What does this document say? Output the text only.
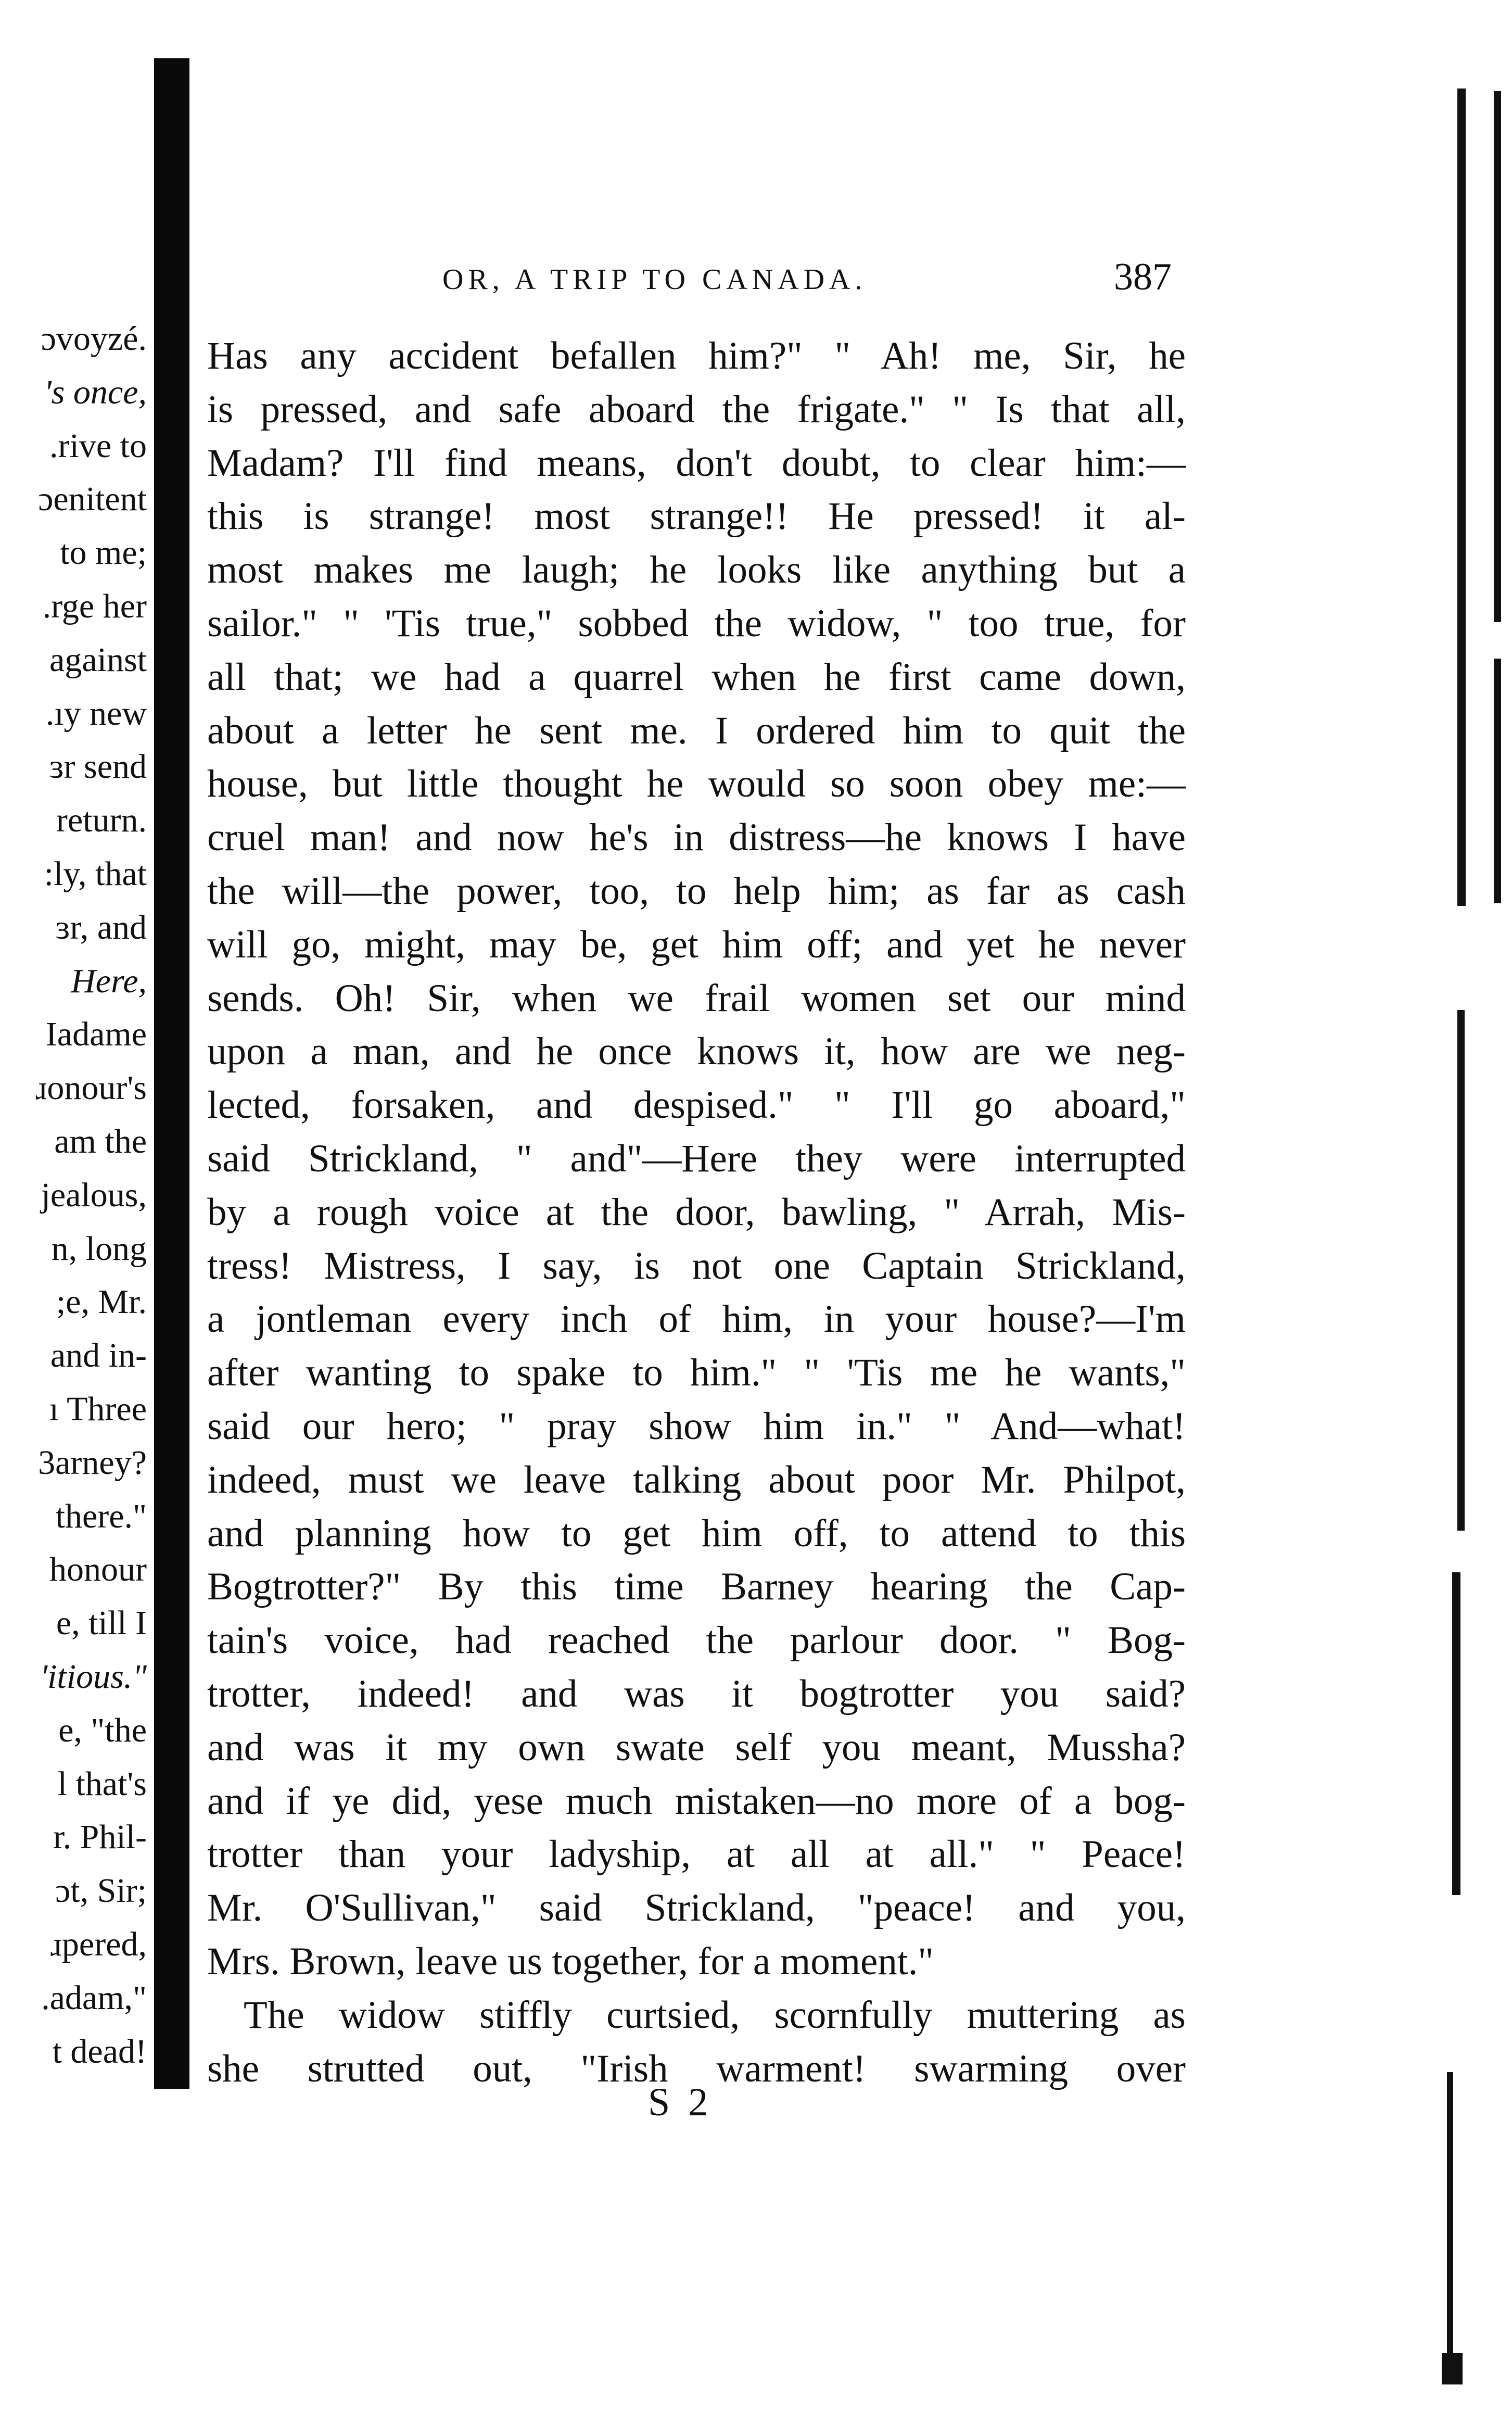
ɔvoyzé.
's once,
.rive to
ɔenitent
to me;
.rge her
against
.ıy new
ɜr send
return.
:ly, that
ɜr, and
Here,
Iadame
ɹonour's
am the
jealous,
n, long
;e, Mr.
and in-
ı Three
3arney?
there."
honour
e, till I
'itious."
e, "the
l that's
r. Phil-
ɔt, Sir;
ɹpered,
.adam,"
t dead!
OR, A TRIP TO CANADA.	387
Has any accident befallen him?" " Ah! me, Sir, he
is pressed, and safe aboard the frigate." " Is that all,
Madam? I'll find means, don't doubt, to clear him:—
this is strange! most strange!! He pressed! it al-
most makes me laugh; he looks like anything but a
sailor." " 'Tis true," sobbed the widow, " too true, for
all that; we had a quarrel when he first came down,
about a letter he sent me. I ordered him to quit the
house, but little thought he would so soon obey me:—
cruel man! and now he's in distress—he knows I have
the will—the power, too, to help him; as far as cash
will go, might, may be, get him off; and yet he never
sends. Oh! Sir, when we frail women set our mind
upon a man, and he once knows it, how are we neg-
lected, forsaken, and despised." " I'll go aboard,"
said Strickland, " and"—Here they were interrupted
by a rough voice at the door, bawling, " Arrah, Mis-
tress! Mistress, I say, is not one Captain Strickland,
a jontleman every inch of him, in your house?—I'm
after wanting to spake to him." " 'Tis me he wants,"
said our hero; " pray show him in." " And—what!
indeed, must we leave talking about poor Mr. Philpot,
and planning how to get him off, to attend to this
Bogtrotter?" By this time Barney hearing the Cap-
tain's voice, had reached the parlour door. " Bog-
trotter, indeed! and was it bogtrotter you said?
and was it my own swate self you meant, Mussha?
and if ye did, yese much mistaken—no more of a bog-
trotter than your ladyship, at all at all." " Peace!
Mr. O'Sullivan," said Strickland, "peace! and you,
Mrs. Brown, leave us together, for a moment."
The widow stiffly curtsied, scornfully muttering as
she strutted out, "Irish warment! swarming over
S 2
